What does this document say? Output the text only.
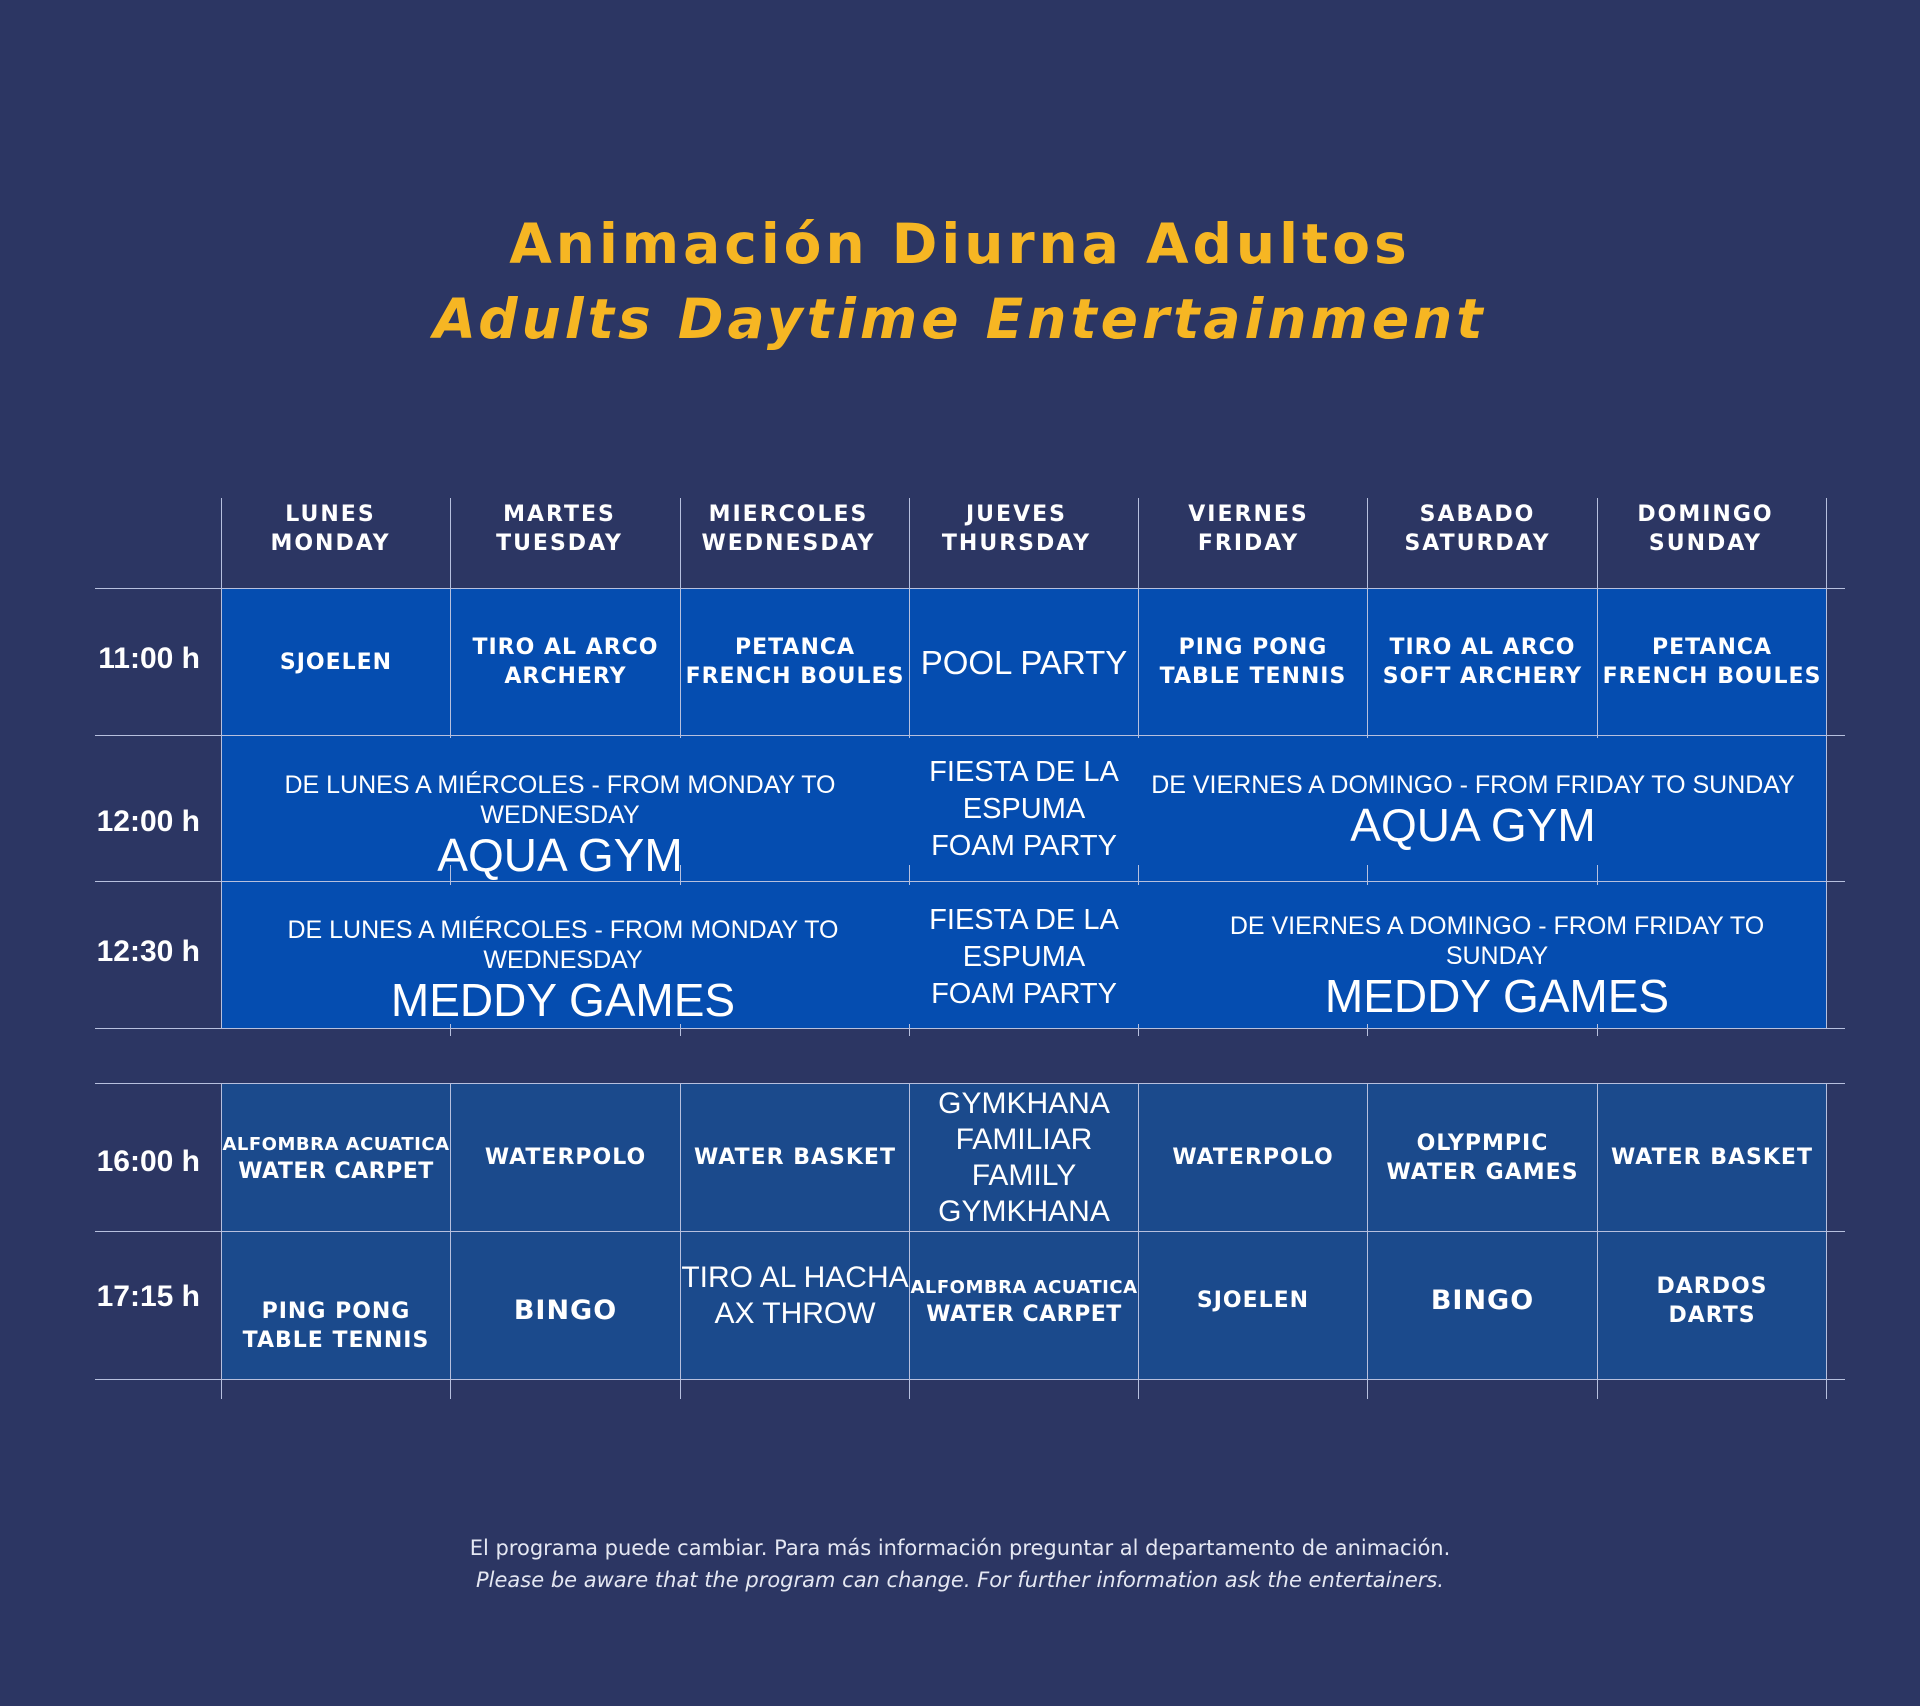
Animación Diurna Adultos
Adults Daytime Entertainment
LUNES
MONDAY
MARTES
TUESDAY
MIERCOLES
WEDNESDAY
JUEVES
THURSDAY
VIERNES
FRIDAY
SABADO
SATURDAY
DOMINGO
SUNDAY
11:00 h
12:00 h
12:30 h
16:00 h
17:15 h
SJOELEN
TIRO AL ARCO
ARCHERY
PETANCA
FRENCH BOULES POOL PARTY PING PONG
TABLE TENNIS
TIRO AL ARCO
SOFT ARCHERY
PETANCA
FRENCH BOULES
DE LUNES A MIÉRCOLES - FROM MONDAY TO WEDNESDAY
AQUA GYM
FIESTA DE LA
ESPUMA
FOAM PARTY
DE VIERNES A DOMINGO - FROM FRIDAY TO SUNDAY
AQUA GYM
DE LUNES A MIÉRCOLES - FROM MONDAY TO WEDNESDAY
MEDDY GAMES
FIESTA DE LA
ESPUMA
FOAM PARTY
DE VIERNES A DOMINGO - FROM FRIDAY TO SUNDAY
MEDDY GAMES
ALFOMBRA ACUATICA
WATER CARPET
WATERPOLO WATER BASKET
GYMKHANA
FAMILIAR
FAMILY
GYMKHANA
WATERPOLO
OLYPMPIC
WATER GAMES
WATER BASKET
PING PONG
TABLE TENNIS
BINGO
TIRO AL HACHA
AX THROW
ALFOMBRA ACUATICA
WATER CARPET
SJOELEN	BINGO	DARDOS
DARTS
El programa puede cambiar. Para más información preguntar al departamento de animación.
Please be aware that the program can change. For further information ask the entertainers.
